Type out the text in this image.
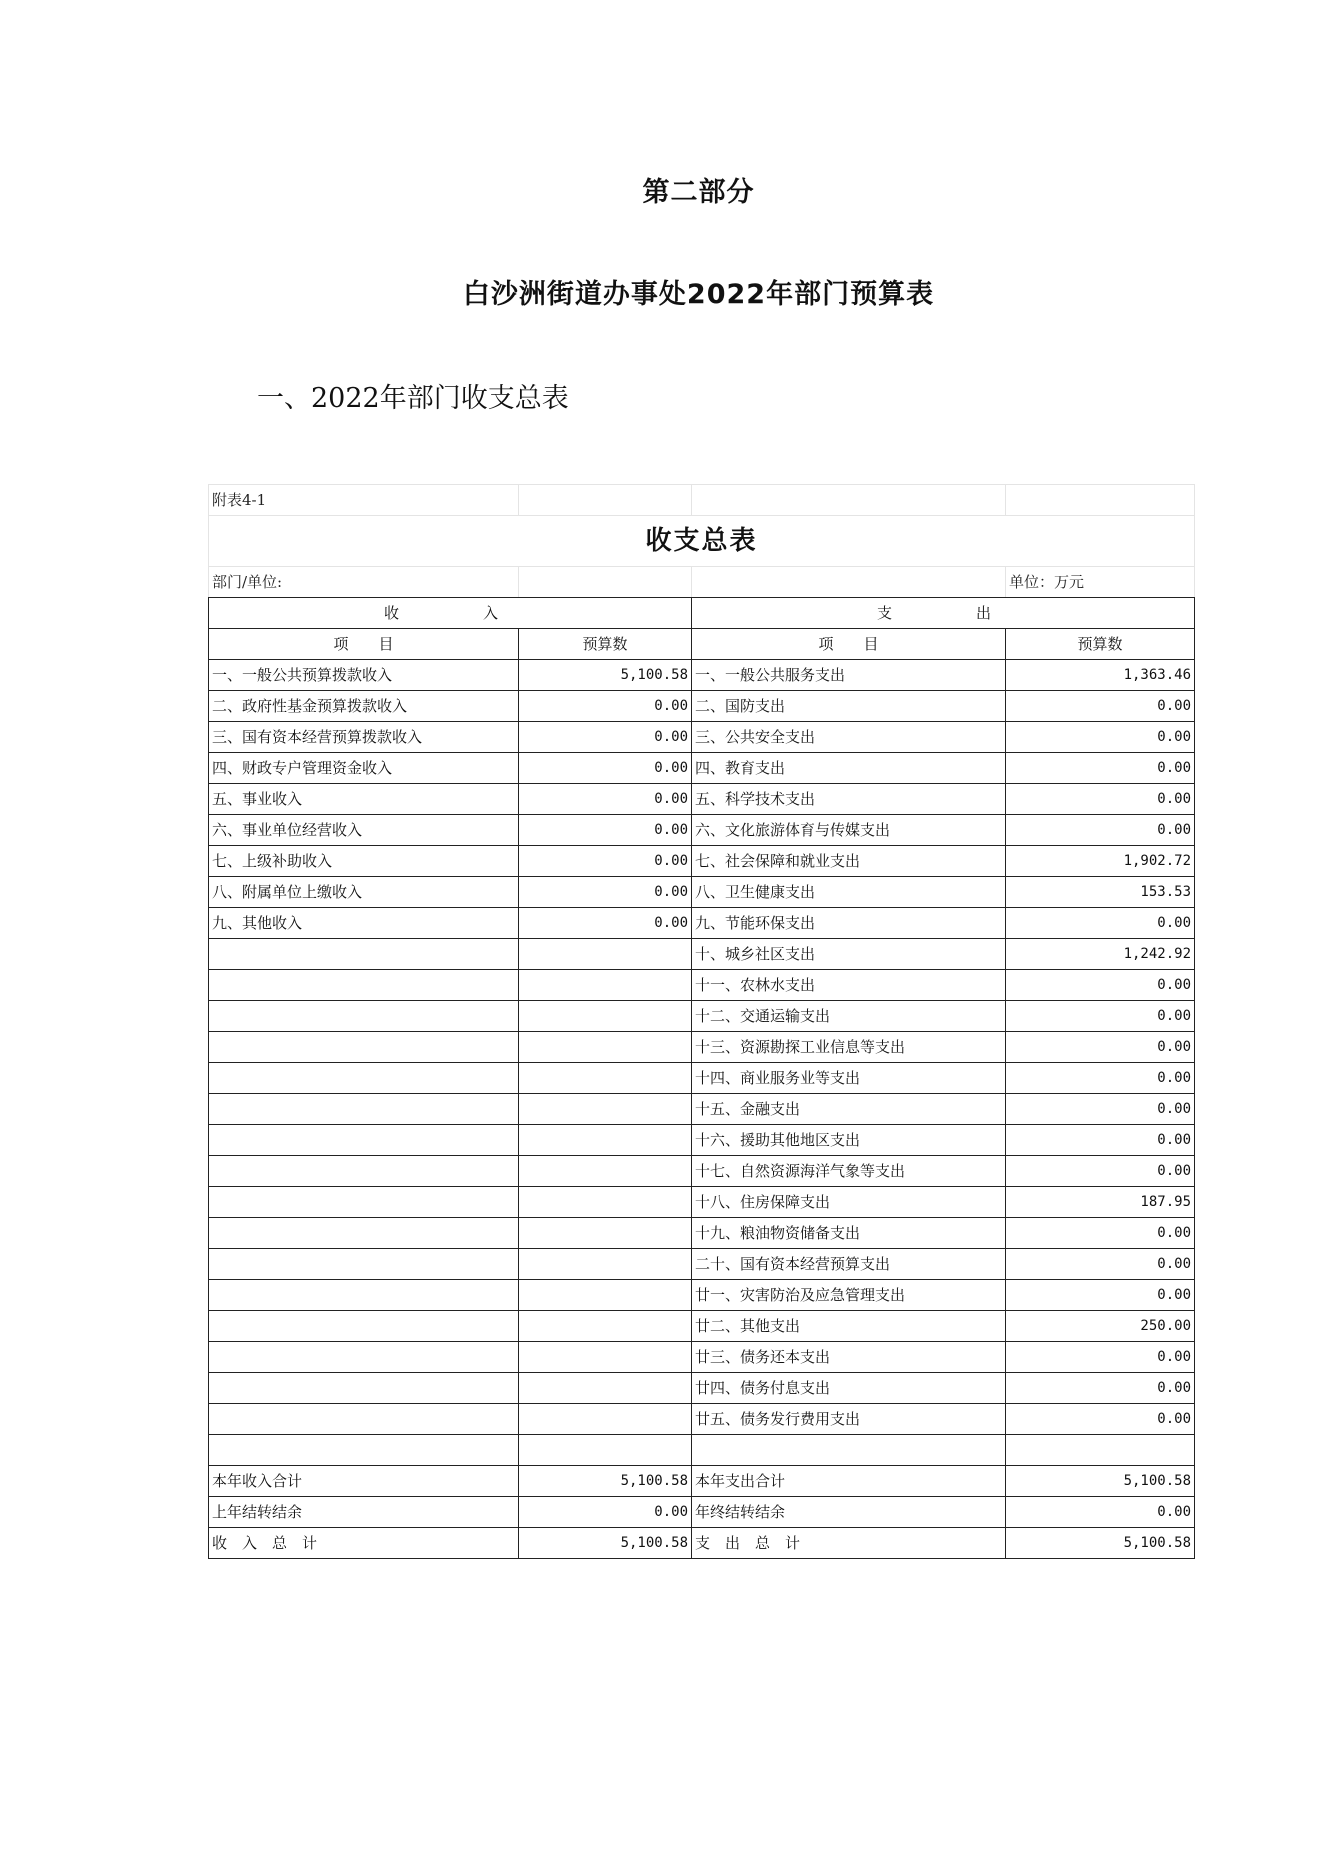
第二部分
白沙洲街道办事处2022年部门预算表
一、2022年部门收支总表
附表4-1			
收支总表			
部门/单位:			单位：万元
收　　入		支　　出	
项　　目	预算数	项　　目	预算数
一、一般公共预算拨款收入	5,100.58	一、一般公共服务支出	1,363.46
二、政府性基金预算拨款收入	0.00	二、国防支出	0.00
三、国有资本经营预算拨款收入	0.00	三、公共安全支出	0.00
四、财政专户管理资金收入	0.00	四、教育支出	0.00
五、事业收入	0.00	五、科学技术支出	0.00
六、事业单位经营收入	0.00	六、文化旅游体育与传媒支出	0.00
七、上级补助收入	0.00	七、社会保障和就业支出	1,902.72
八、附属单位上缴收入	0.00	八、卫生健康支出	153.53
九、其他收入	0.00	九、节能环保支出	0.00
		十、城乡社区支出	1,242.92
		十一、农林水支出	0.00
		十二、交通运输支出	0.00
		十三、资源勘探工业信息等支出	0.00
		十四、商业服务业等支出	0.00
		十五、金融支出	0.00
		十六、援助其他地区支出	0.00
		十七、自然资源海洋气象等支出	0.00
		十八、住房保障支出	187.95
		十九、粮油物资储备支出	0.00
		二十、国有资本经营预算支出	0.00
		廿一、灾害防治及应急管理支出	0.00
		廿二、其他支出	250.00
		廿三、债务还本支出	0.00
		廿四、债务付息支出	0.00
		廿五、债务发行费用支出	0.00

本年收入合计	5,100.58	本年支出合计	5,100.58
上年结转结余	0.00	年终结转结余	0.00
收　入　总　计	5,100.58	支　出　总　计	5,100.58
